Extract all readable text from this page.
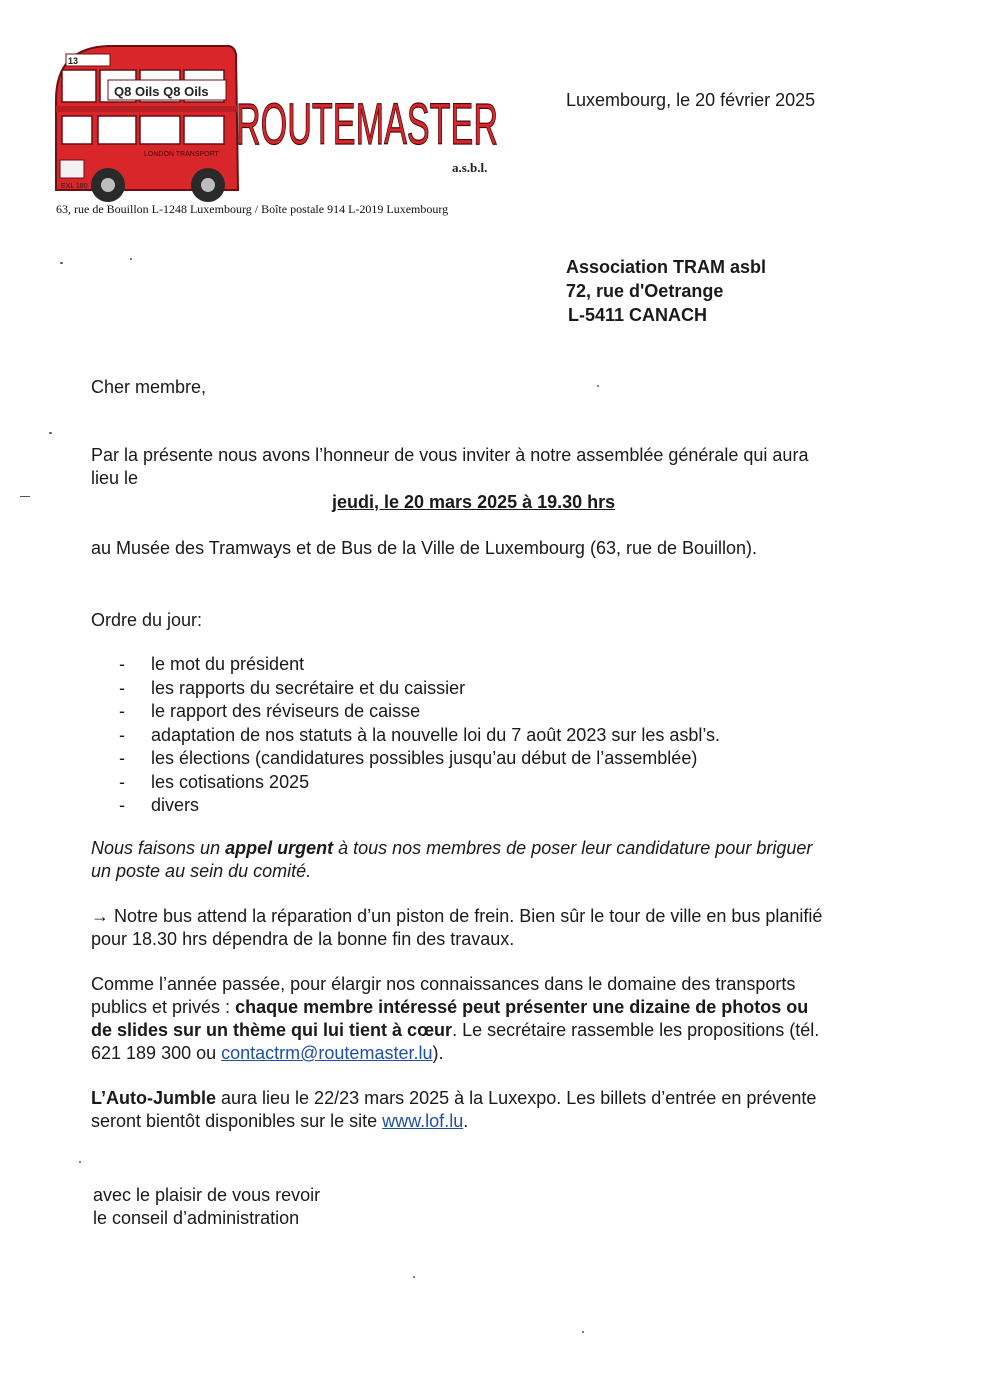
Q8 Oils Q8 Oils
13
LONDON TRANSPORT
EXL 180
ROUTEMASTER
a.s.b.l.
63, rue de Bouillon L-1248 Luxembourg / Boîte postale 914 L-2019 Luxembourg
Luxembourg, le 20 février 2025
Association TRAM asbl
72, rue d'Oetrange
L-5411 CANACH
Cher membre,
Par la présente nous avons l’honneur de vous inviter à notre assemblée générale qui aura
lieu le
jeudi, le 20 mars 2025 à 19.30 hrs
au Musée des Tramways et de Bus de la Ville de Luxembourg (63, rue de Bouillon).
Ordre du jour:
- le mot du président
- les rapports du secrétaire et du caissier
- le rapport des réviseurs de caisse
- adaptation de nos statuts à la nouvelle loi du 7 août 2023 sur les asbl’s.
- les élections (candidatures possibles jusqu’au début de l’assemblée)
- les cotisations 2025
- divers
Nous faisons un appel urgent à tous nos membres de poser leur candidature pour briguer
un poste au sein du comité.
→ Notre bus attend la réparation d’un piston de frein. Bien sûr le tour de ville en bus planifié
pour 18.30 hrs dépendra de la bonne fin des travaux.
Comme l’année passée, pour élargir nos connaissances dans le domaine des transports
publics et privés : chaque membre intéressé peut présenter une dizaine de photos ou
de slides sur un thème qui lui tient à cœur. Le secrétaire rassemble les propositions (tél.
621 189 300 ou contactrm@routemaster.lu).
L’Auto-Jumble aura lieu le 22/23 mars 2025 à la Luxexpo. Les billets d’entrée en prévente
seront bientôt disponibles sur le site www.lof.lu.
avec le plaisir de vous revoir
le conseil d’administration
